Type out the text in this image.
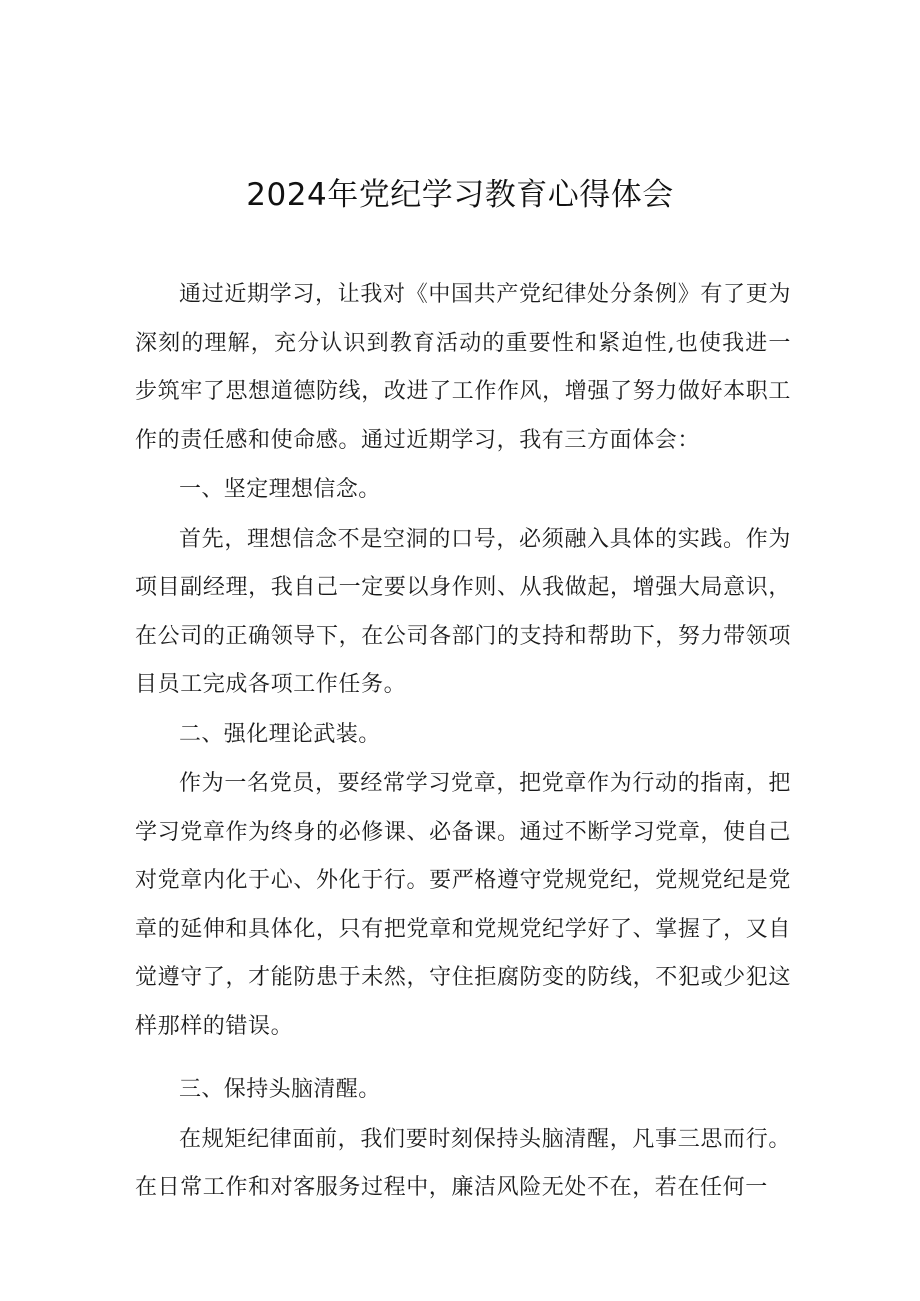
2024年党纪学习教育心得体会

通过近期学习，让我对《中国共产党纪律处分条例》有了更为深刻的理解，充分认识到教育活动的重要性和紧迫性,也使我进一步筑牢了思想道德防线，改进了工作作风，增强了努力做好本职工作的责任感和使命感。通过近期学习，我有三方面体会：

一、坚定理想信念。

首先，理想信念不是空洞的口号，必须融入具体的实践。作为项目副经理，我自己一定要以身作则、从我做起，增强大局意识，在公司的正确领导下，在公司各部门的支持和帮助下，努力带领项目员工完成各项工作任务。

二、强化理论武装。

作为一名党员，要经常学习党章，把党章作为行动的指南，把学习党章作为终身的必修课、必备课。通过不断学习党章，使自己对党章内化于心、外化于行。要严格遵守党规党纪，党规党纪是党章的延伸和具体化，只有把党章和党规党纪学好了、掌握了，又自觉遵守了，才能防患于未然，守住拒腐防变的防线，不犯或少犯这样那样的错误。

三、保持头脑清醒。

在规矩纪律面前，我们要时刻保持头脑清醒，凡事三思而行。在日常工作和对客服务过程中，廉洁风险无处不在，若在任何一
